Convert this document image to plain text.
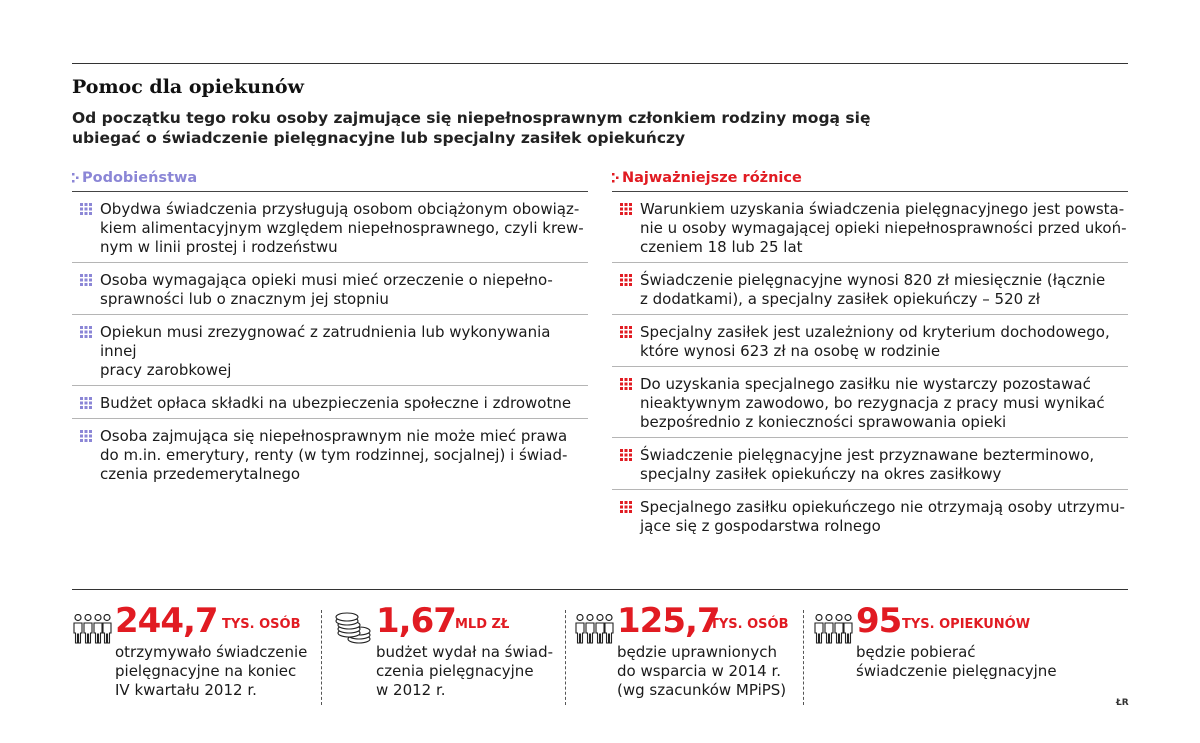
Pomoc dla opiekunów
Od początku tego roku osoby zajmujące się niepełnosprawnym członkiem rodziny mogą się ubiegać o świadczenie pielęgnacyjne lub specjalny zasiłek opiekuńczy
Podobieństwa
Obydwa świadczenia przysługują osobom obciążonym obowiąz-
kiem alimentacyjnym względem niepełnosprawnego, czyli krew-
nym w linii prostej i rodzeństwu
Osoba wymagająca opieki musi mieć orzeczenie o niepełno-
sprawności lub o znacznym jej stopniu
Opiekun musi zrezygnować z zatrudnienia lub wykonywania innej
pracy zarobkowej
Budżet opłaca składki na ubezpieczenia społeczne i zdrowotne
Osoba zajmująca się niepełnosprawnym nie może mieć prawa
do m.in. emerytury, renty (w tym rodzinnej, socjalnej) i świad-
czenia przedemerytalnego
Najważniejsze różnice
Warunkiem uzyskania świadczenia pielęgnacyjnego jest powsta-
nie u osoby wymagającej opieki niepełnosprawności przed ukoń-
czeniem 18 lub 25 lat
Świadczenie pielęgnacyjne wynosi 820 zł miesięcznie (łącznie
z dodatkami), a specjalny zasiłek opiekuńczy – 520 zł
Specjalny zasiłek jest uzależniony od kryterium dochodowego,
które wynosi 623 zł na osobę w rodzinie
Do uzyskania specjalnego zasiłku nie wystarczy pozostawać
nieaktywnym zawodowo, bo rezygnacja z pracy musi wynikać
bezpośrednio z konieczności sprawowania opieki
Świadczenie pielęgnacyjne jest przyznawane bezterminowo,
specjalny zasiłek opiekuńczy na okres zasiłkowy
Specjalnego zasiłku opiekuńczego nie otrzymają osoby utrzymu-
jące się z gospodarstwa rolnego
244,7 TYS. OSÓB
otrzymywało świadczenie
pielęgnacyjne na koniec
IV kwartału 2012 r.
1,67 MLD ZŁ
budżet wydał na świad-
czenia pielęgnacyjne
w 2012 r.
125,7
TYS. OSÓB
będzie uprawnionych
do wsparcia w 2014 r.
(wg szacunków MPiPS)
95 TYS. OPIEKUNÓW
będzie pobierać
świadczenie pielęgnacyjne
ŁR
